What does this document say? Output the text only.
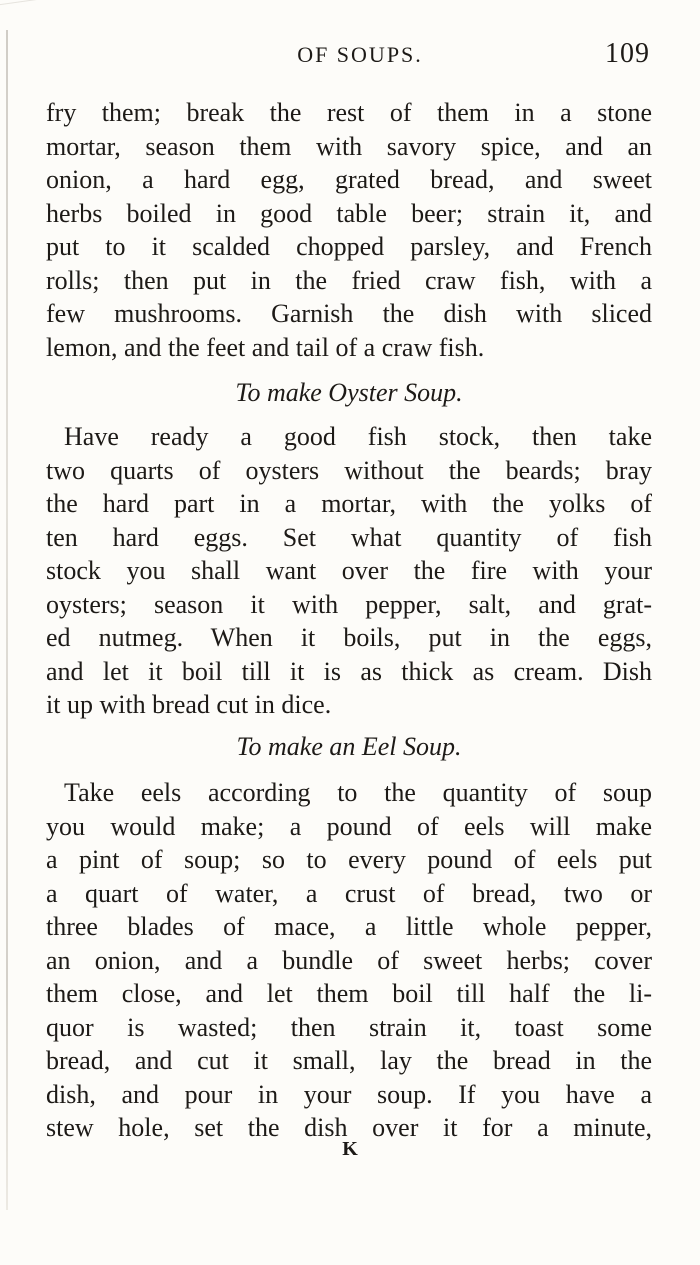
OF SOUPS.	109
fry them; break the rest of them in a stone
mortar, season them with savory spice, and an
onion, a hard egg, grated bread, and sweet
herbs boiled in good table beer; strain it, and
put to it scalded chopped parsley, and French
rolls; then put in the fried craw fish, with a
few mushrooms. Garnish the dish with sliced
lemon, and the feet and tail of a craw fish.
To make Oyster Soup.
Have ready a good fish stock, then take
two quarts of oysters without the beards; bray
the hard part in a mortar, with the yolks of
ten hard eggs. Set what quantity of fish
stock you shall want over the fire with your
oysters; season it with pepper, salt, and grat-
ed nutmeg. When it boils, put in the eggs,
and let it boil till it is as thick as cream. Dish
it up with bread cut in dice.
To make an Eel Soup.
Take eels according to the quantity of soup
you would make; a pound of eels will make
a pint of soup; so to every pound of eels put
a quart of water, a crust of bread, two or
three blades of mace, a little whole pepper,
an onion, and a bundle of sweet herbs; cover
them close, and let them boil till half the li-
quor is wasted; then strain it, toast some
bread, and cut it small, lay the bread in the
dish, and pour in your soup. If you have a
stew hole, set the dish over it for a minute,
K
